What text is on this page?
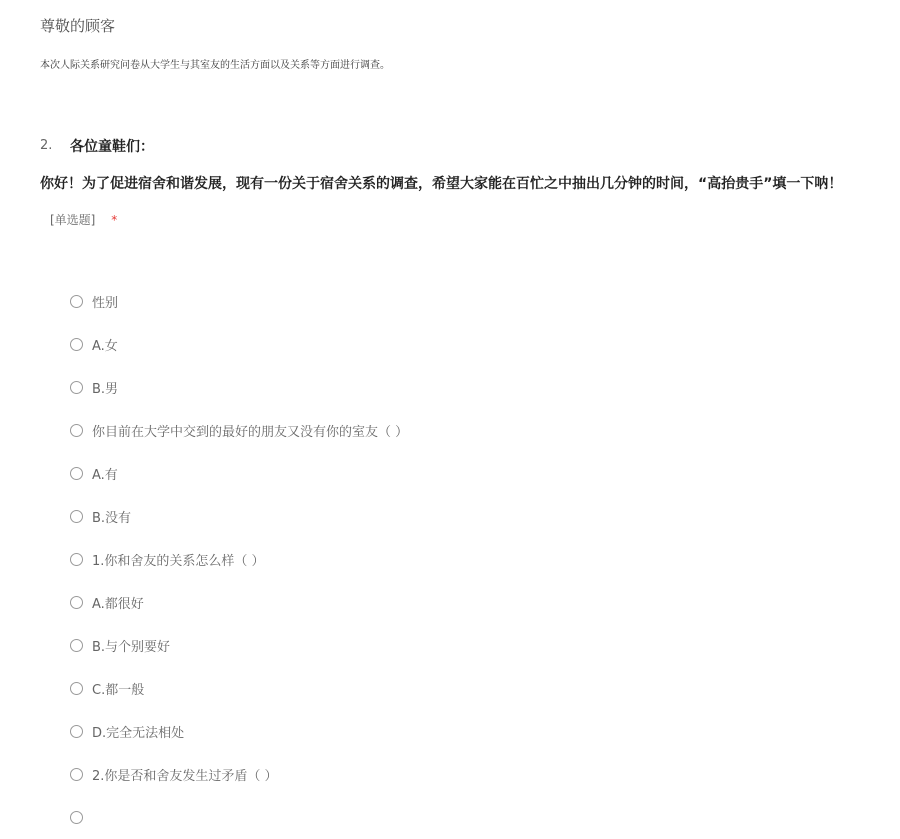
尊敬的顾客
本次人际关系研究问卷从大学生与其室友的生活方面以及关系等方面进行调查。
2. 各位童鞋们：
你好！为了促进宿舍和谐发展，现有一份关于宿舍关系的调查，希望大家能在百忙之中抽出几分钟的时间，“高抬贵手”填一下呐！
[单选题] *
性别
A.女
B.男
你目前在大学中交到的最好的朋友又没有你的室友（ ）
A.有
B.没有
1.你和舍友的关系怎么样（ ）
A.都很好
B.与个别要好
C.都一般
D.完全无法相处
2.你是否和舍友发生过矛盾（ ）
